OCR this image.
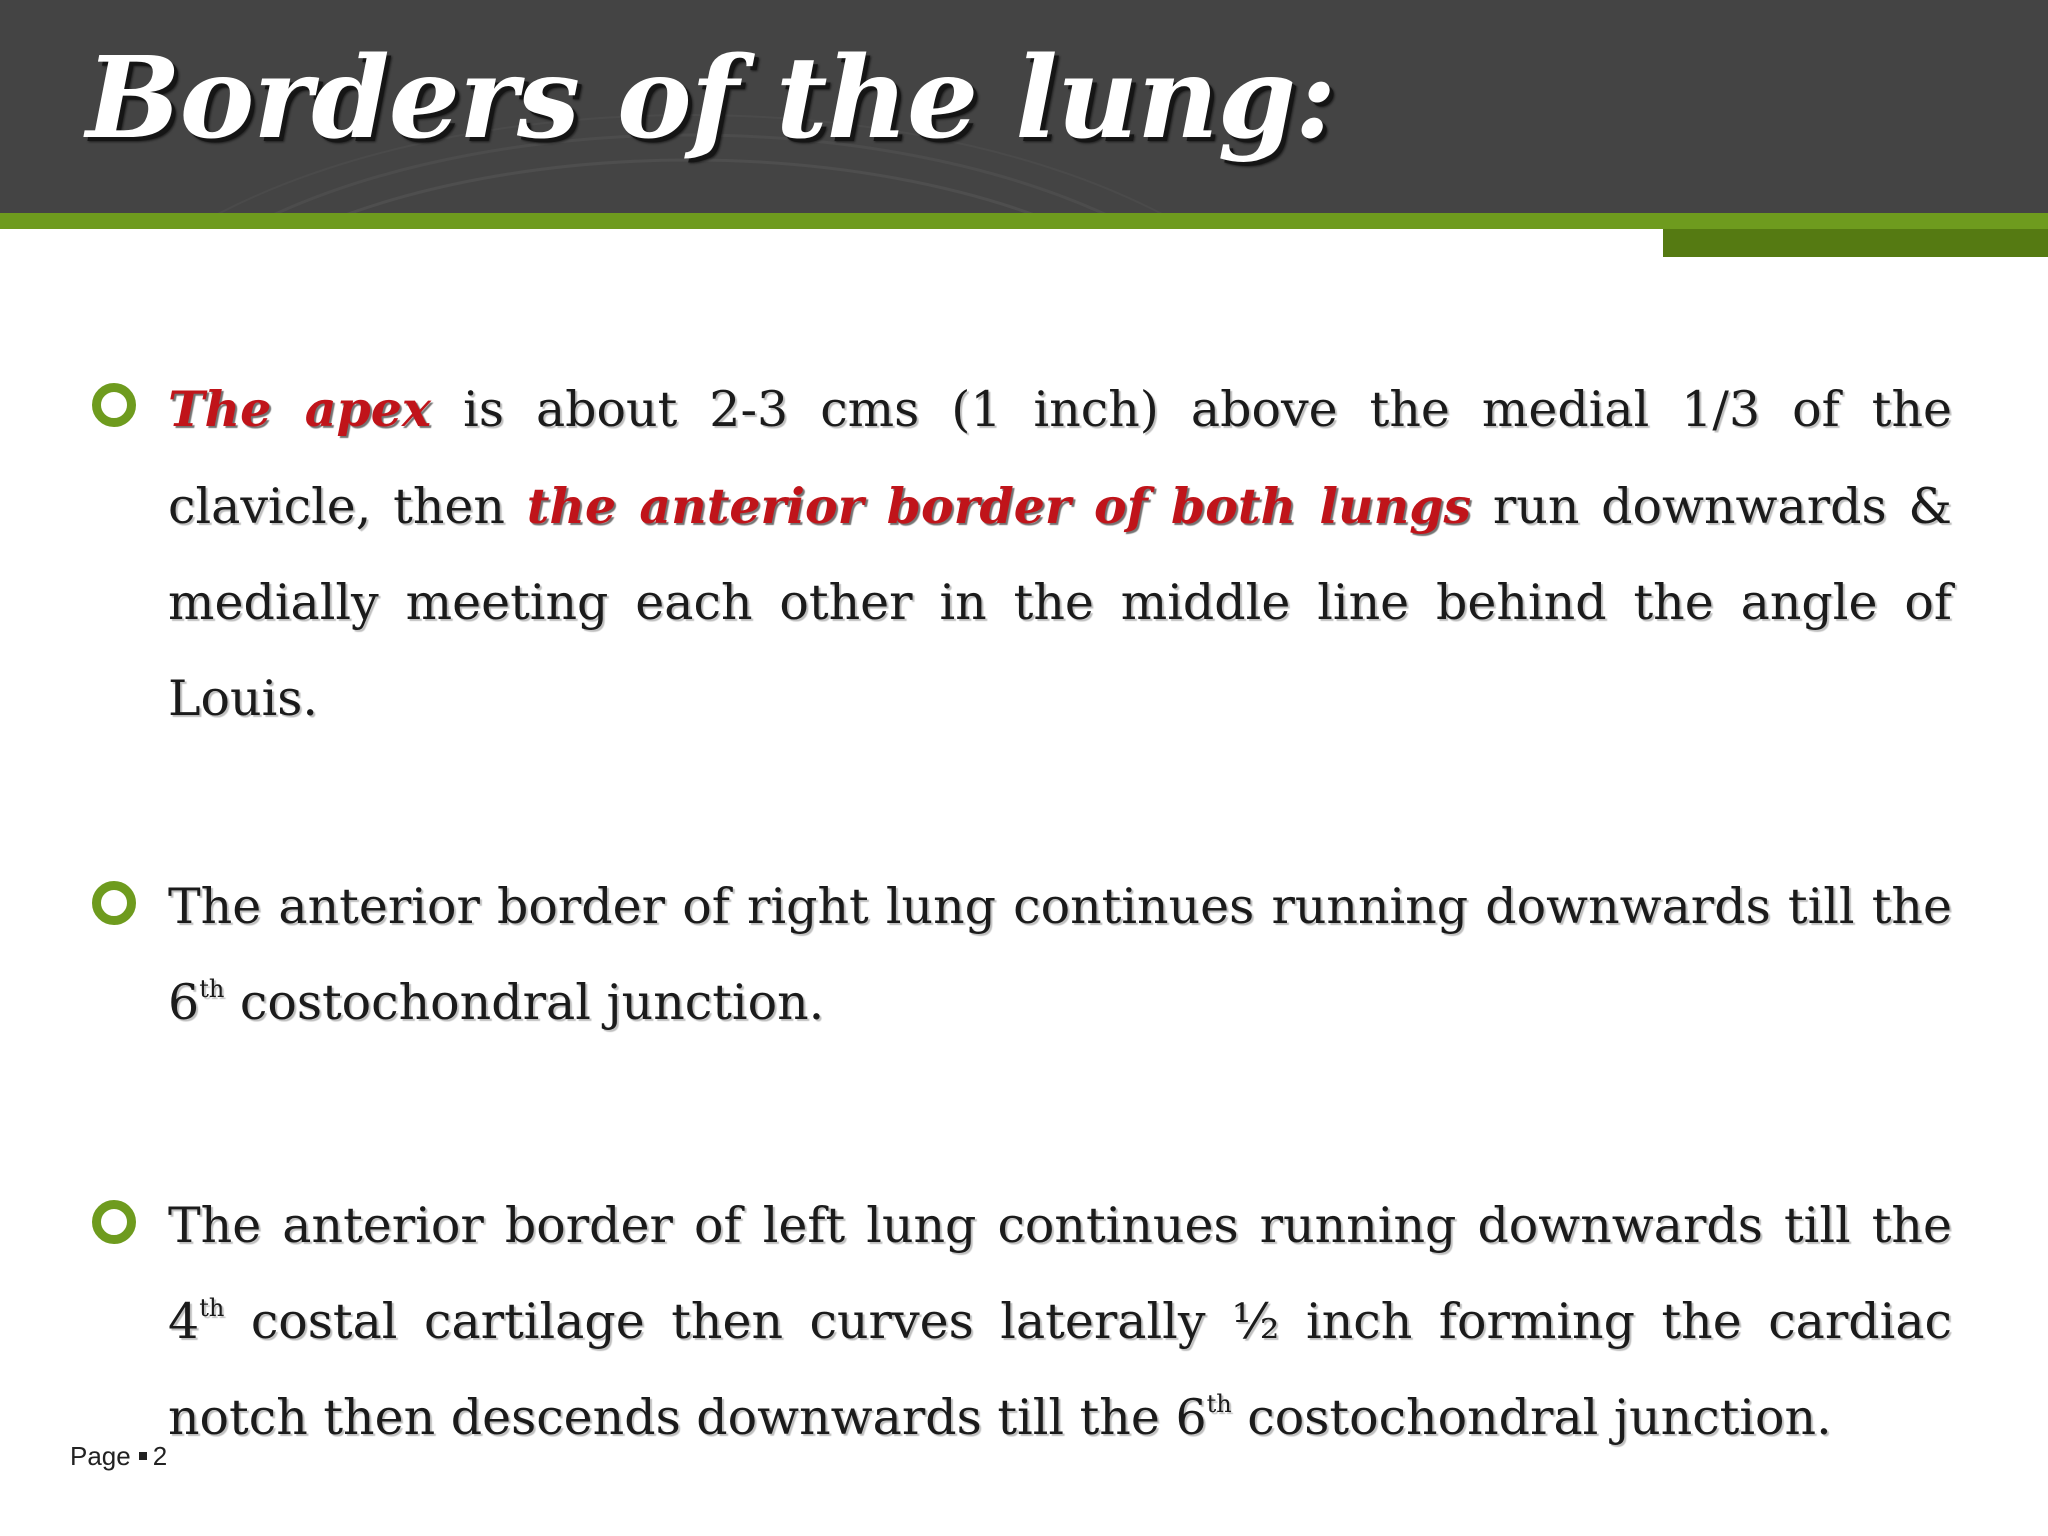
Borders of the lung:

The apex is about 2-3 cms (1 inch) above the medial 1/3 of the clavicle, then the anterior border of both lungs run downwards & medially meeting each other in the middle line behind the angle of Louis.

The anterior border of right lung continues running downwards till the 6th costochondral junction.

The anterior border of left lung continues running downwards till the 4th costal cartilage then curves laterally ½ inch forming the cardiac notch then descends downwards till the 6th costochondral junction.

Page 2
